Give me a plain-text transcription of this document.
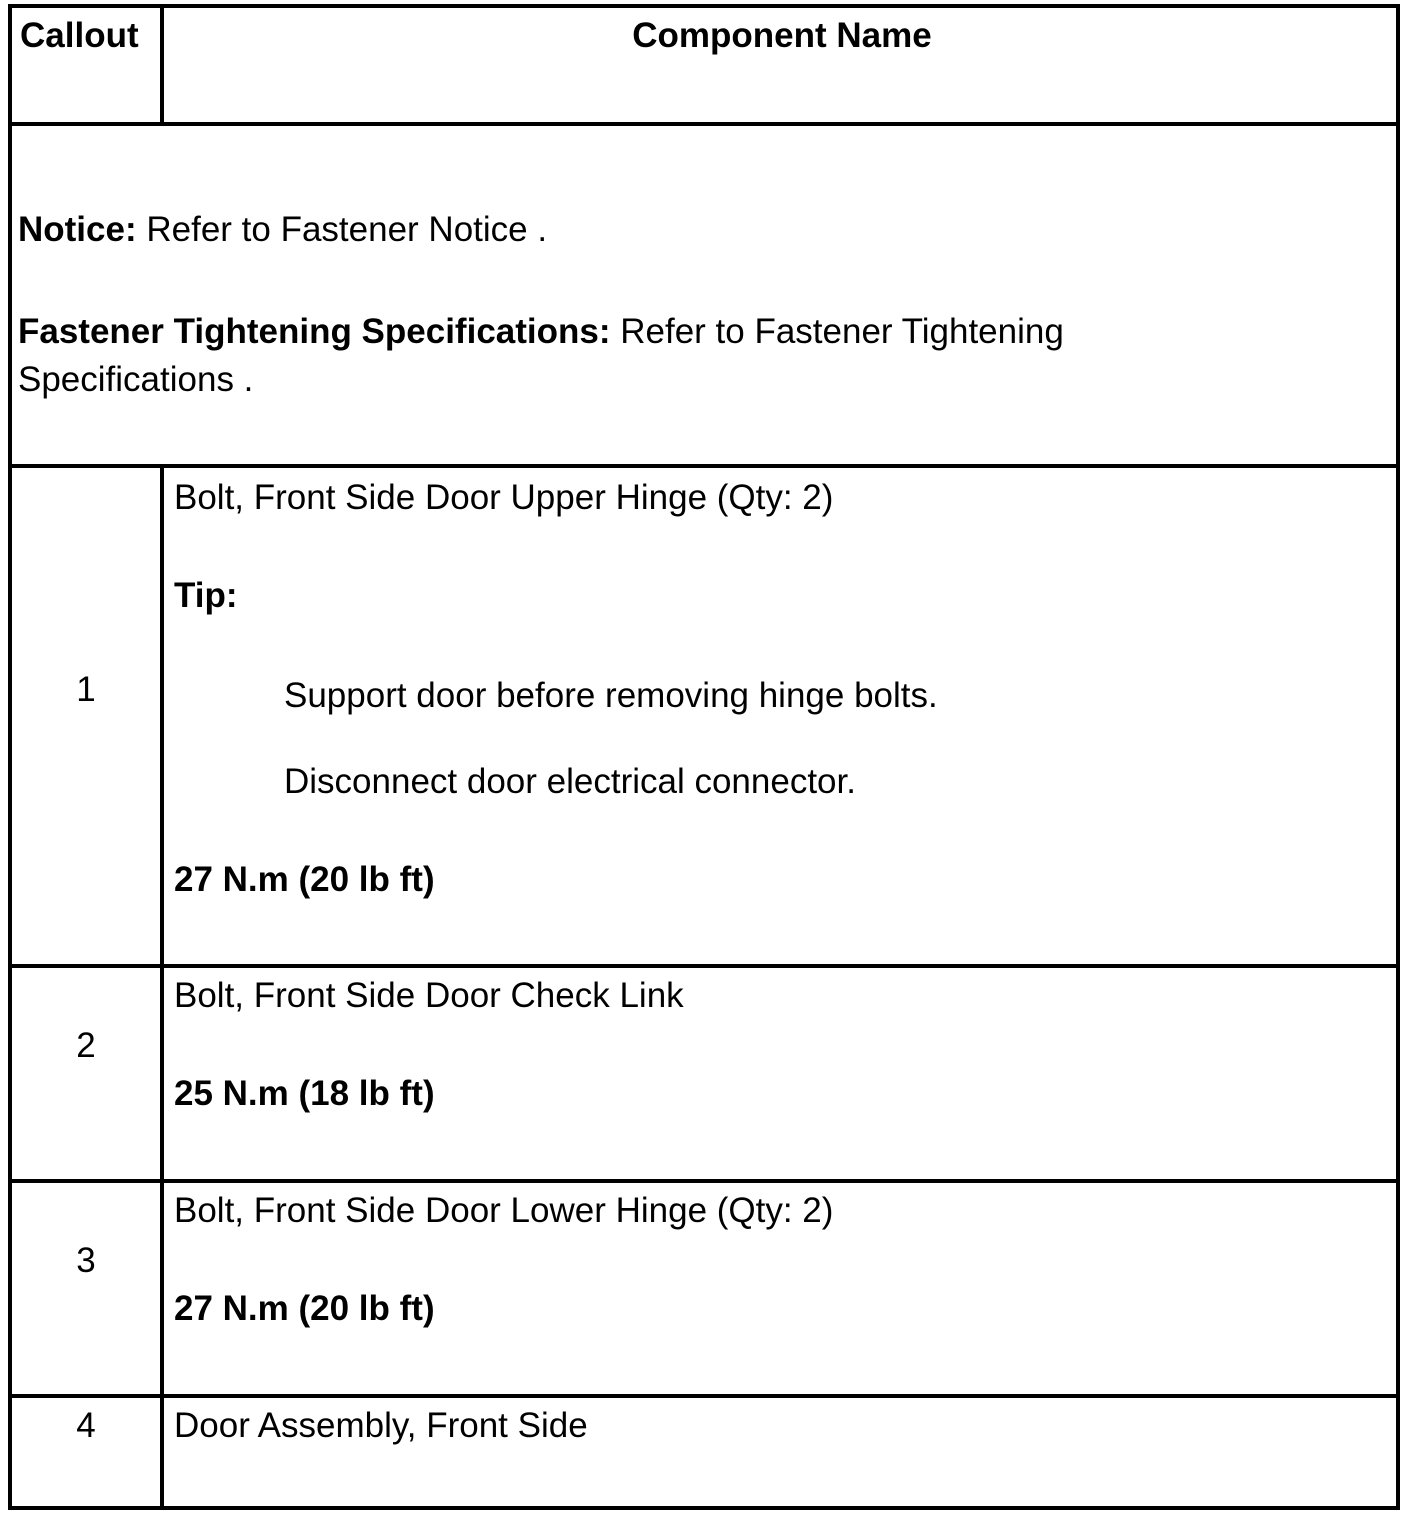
Callout	Component Name
Notice: Refer to Fastener Notice .
Fastener Tightening Specifications: Refer to Fastener Tightening
Specifications .
1
Bolt, Front Side Door Upper Hinge (Qty: 2)
Tip:
Support door before removing hinge bolts.
Disconnect door electrical connector.
27 N.m (20 lb ft)
2
Bolt, Front Side Door Check Link
25 N.m (18 lb ft)
3
Bolt, Front Side Door Lower Hinge (Qty: 2)
27 N.m (20 lb ft)
4	Door Assembly, Front Side
